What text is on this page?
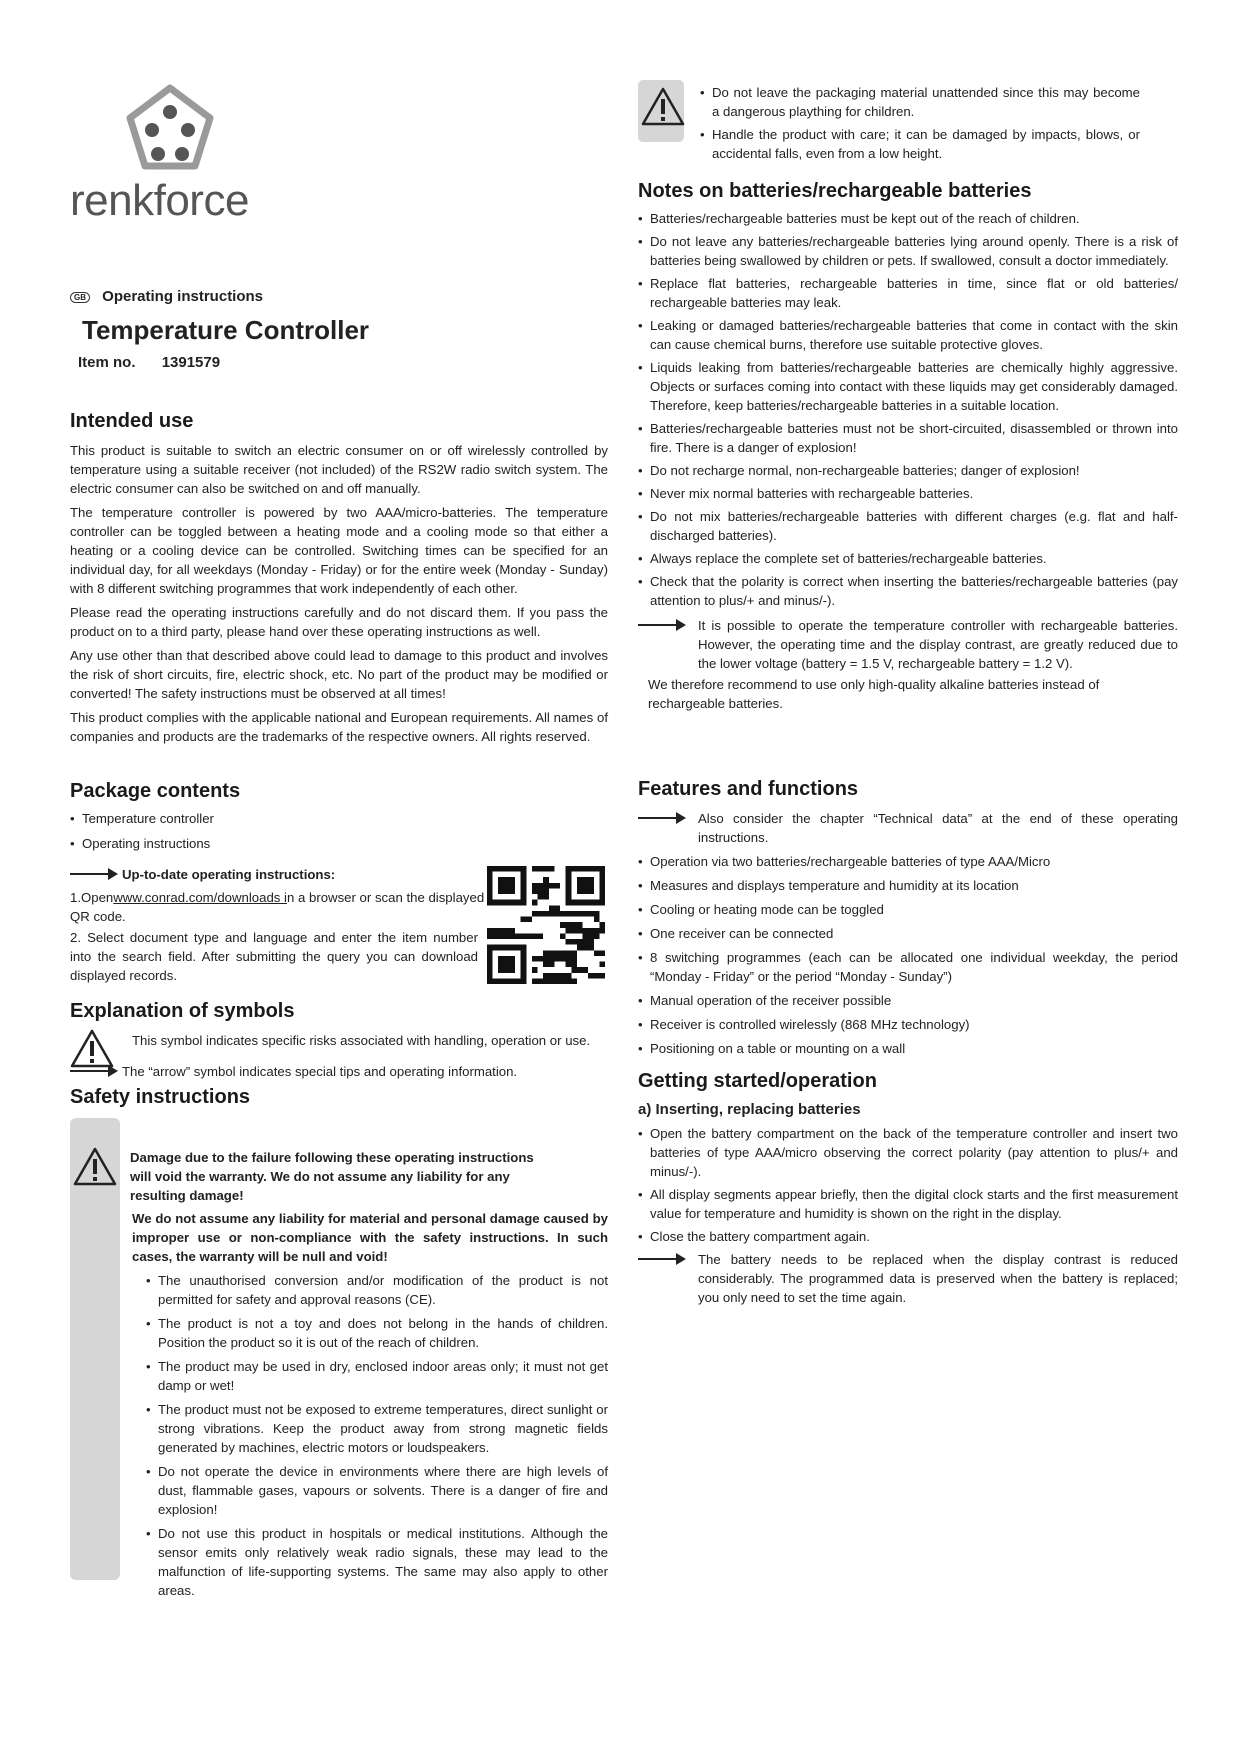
renkforce
GB Operating instructions
Temperature Controller
Item no. 1391579
Intended use

This product is suitable to switch an electric consumer on or off wirelessly controlled by temperature using a suitable receiver (not included) of the RS2W radio switch system. The electric consumer can also be switched on and off manually.

The temperature controller is powered by two AAA/micro-batteries. The temperature controller can be toggled between a heating mode and a cooling mode so that either a heating or a cooling device can be controlled. Switching times can be specified for an individual day, for all weekdays (Monday - Friday) or for the entire week (Monday - Sunday) with 8 different switching programmes that work independently of each other.

Please read the operating instructions carefully and do not discard them. If you pass the product on to a third party, please hand over these operating instructions as well.

Any use other than that described above could lead to damage to this product and involves the risk of short circuits, fire, electric shock, etc. No part of the product may be modified or converted! The safety instructions must be observed at all times!

This product complies with the applicable national and European requirements. All names of companies and products are the trademarks of the respective owners. All rights reserved.

Package contents
• Temperature controller
• Operating instructions
Up-to-date operating instructions:
1.Openwww.conrad.com/downloads in a browser or scan the displayed QR code.
2. Select document type and language and enter the item number into the search field. After submitting the query you can download displayed records.
Explanation of symbols

This symbol indicates specific risks associated with handling, operation or use.

The “arrow” symbol indicates special tips and operating information.
Safety instructions
Damage due to the failure following these operating instructions will void the warranty. We do not assume any liability for any resulting damage!
We do not assume any liability for material and personal damage caused by improper use or non-compliance with the safety instructions. In such cases, the warranty will be null and void!
• The unauthorised conversion and/or modification of the product is not permitted for safety and approval reasons (CE).
• The product is not a toy and does not belong in the hands of children. Position the product so it is out of the reach of children.
• The product may be used in dry, enclosed indoor areas only; it must not get damp or wet!
• The product must not be exposed to extreme temperatures, direct sunlight or strong vibrations. Keep the product away from strong magnetic fields generated by machines, electric motors or loudspeakers.
• Do not operate the device in environments where there are high levels of dust, flammable gases, vapours or solvents. There is a danger of fire and explosion!
• Do not use this product in hospitals or medical institutions. Although the sensor emits only relatively weak radio signals, these may lead to the malfunction of life-supporting systems. The same may also apply to other areas.
• Do not leave the packaging material unattended since this may become a dangerous plaything for children.
• Handle the product with care; it can be damaged by impacts, blows, or accidental falls, even from a low height.
Notes on batteries/rechargeable batteries
• Batteries/rechargeable batteries must be kept out of the reach of children.
• Do not leave any batteries/rechargeable batteries lying around openly. There is a risk of batteries being swallowed by children or pets. If swallowed, consult a doctor immediately.
• Replace flat batteries, rechargeable batteries in time, since flat or old batteries/ rechargeable batteries may leak.
• Leaking or damaged batteries/rechargeable batteries that come in contact with the skin can cause chemical burns, therefore use suitable protective gloves.
• Liquids leaking from batteries/rechargeable batteries are chemically highly aggressive. Objects or surfaces coming into contact with these liquids may get considerably damaged. Therefore, keep batteries/rechargeable batteries in a suitable location.
• Batteries/rechargeable batteries must not be short-circuited, disassembled or thrown into fire. There is a danger of explosion!
• Do not recharge normal, non-rechargeable batteries; danger of explosion!
• Never mix normal batteries with rechargeable batteries.
• Do not mix batteries/rechargeable batteries with different charges (e.g. flat and half-discharged batteries).
• Always replace the complete set of batteries/rechargeable batteries.
• Check that the polarity is correct when inserting the batteries/rechargeable batteries (pay attention to plus/+ and minus/-).
It is possible to operate the temperature controller with rechargeable batteries. However, the operating time and the display contrast, are greatly reduced due to the lower voltage (battery = 1.5 V, rechargeable battery = 1.2 V).
We therefore recommend to use only high-quality alkaline batteries instead of rechargeable batteries.
Features and functions
Also consider the chapter “Technical data” at the end of these operating instructions.
• Operation via two batteries/rechargeable batteries of type AAA/Micro
• Measures and displays temperature and humidity at its location
• Cooling or heating mode can be toggled
• One receiver can be connected
• 8 switching programmes (each can be allocated one individual weekday, the period “Monday - Friday” or the period “Monday - Sunday”)
• Manual operation of the receiver possible
• Receiver is controlled wirelessly (868 MHz technology)
• Positioning on a table or mounting on a wall
Getting started/operation
a) Inserting, replacing batteries
• Open the battery compartment on the back of the temperature controller and insert two batteries of type AAA/micro observing the correct polarity (pay attention to plus/+ and minus/-).
• All display segments appear briefly, then the digital clock starts and the first measurement value for temperature and humidity is shown on the right in the display.
• Close the battery compartment again.
The battery needs to be replaced when the display contrast is reduced considerably. The programmed data is preserved when the battery is replaced; you only need to set the time again.
